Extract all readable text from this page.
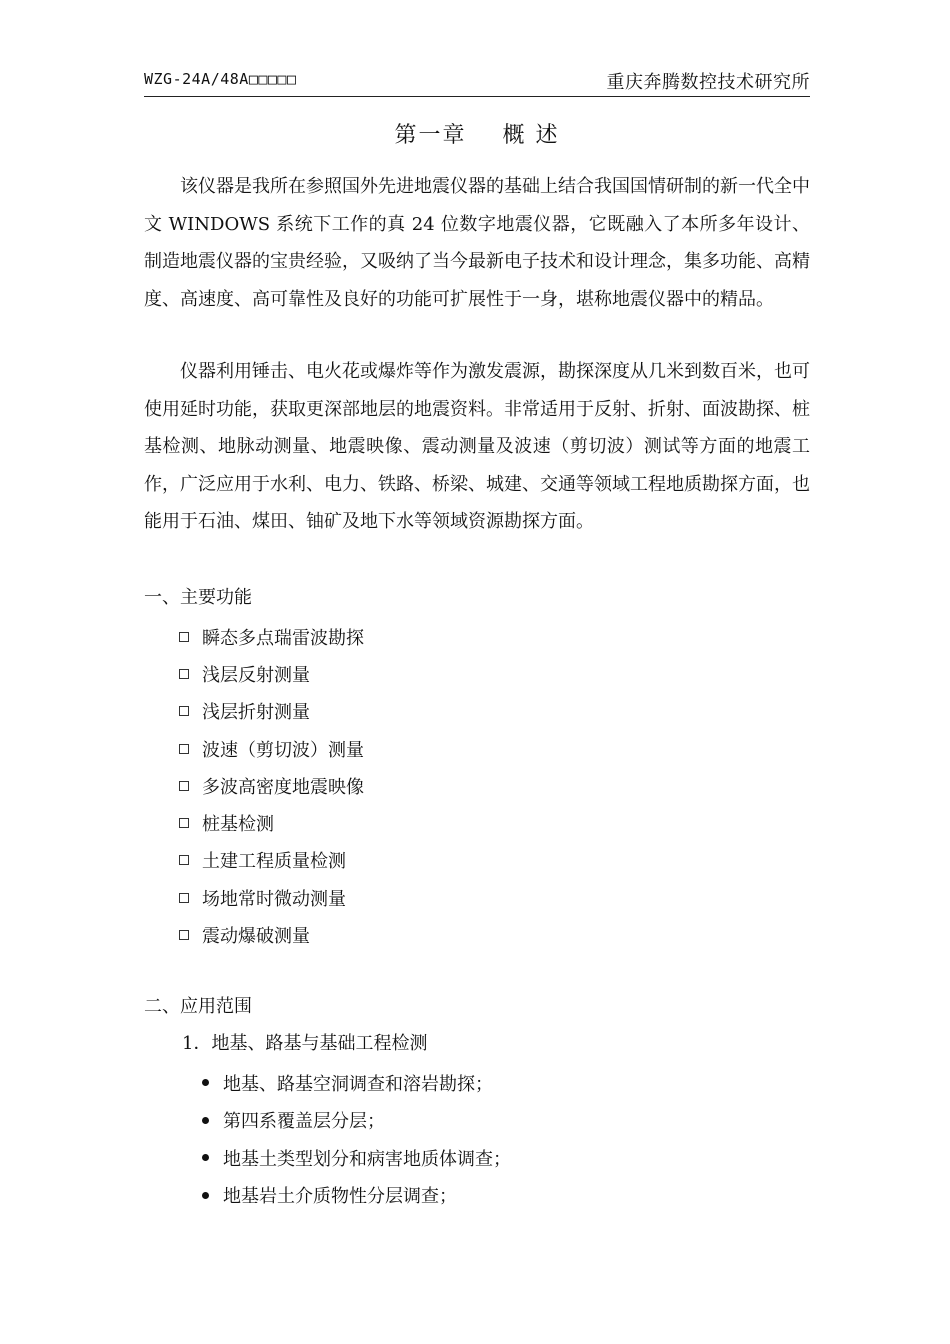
WZG-24A/48A□□□□□	重庆奔腾数控技术研究所
第一章    概 述

该仪器是我所在参照国外先进地震仪器的基础上结合我国国情研制的新一代全中文 WINDOWS 系统下工作的真 24 位数字地震仪器，它既融入了本所多年设计、制造地震仪器的宝贵经验，又吸纳了当今最新电子技术和设计理念，集多功能、高精度、高速度、高可靠性及良好的功能可扩展性于一身，堪称地震仪器中的精品。

仪器利用锤击、电火花或爆炸等作为激发震源，勘探深度从几米到数百米，也可使用延时功能，获取更深部地层的地震资料。非常适用于反射、折射、面波勘探、桩基检测、地脉动测量、地震映像、震动测量及波速（剪切波）测试等方面的地震工作，广泛应用于水利、电力、铁路、桥梁、城建、交通等领域工程地质勘探方面，也能用于石油、煤田、铀矿及地下水等领域资源勘探方面。

一、主要功能
瞬态多点瑞雷波勘探
浅层反射测量
浅层折射测量
波速（剪切波）测量
多波高密度地震映像
桩基检测
土建工程质量检测
场地常时微动测量
震动爆破测量
二、应用范围
1．地基、路基与基础工程检测
地基、路基空洞调查和溶岩勘探；
第四系覆盖层分层；
地基土类型划分和病害地质体调查；
地基岩土介质物性分层调查；
